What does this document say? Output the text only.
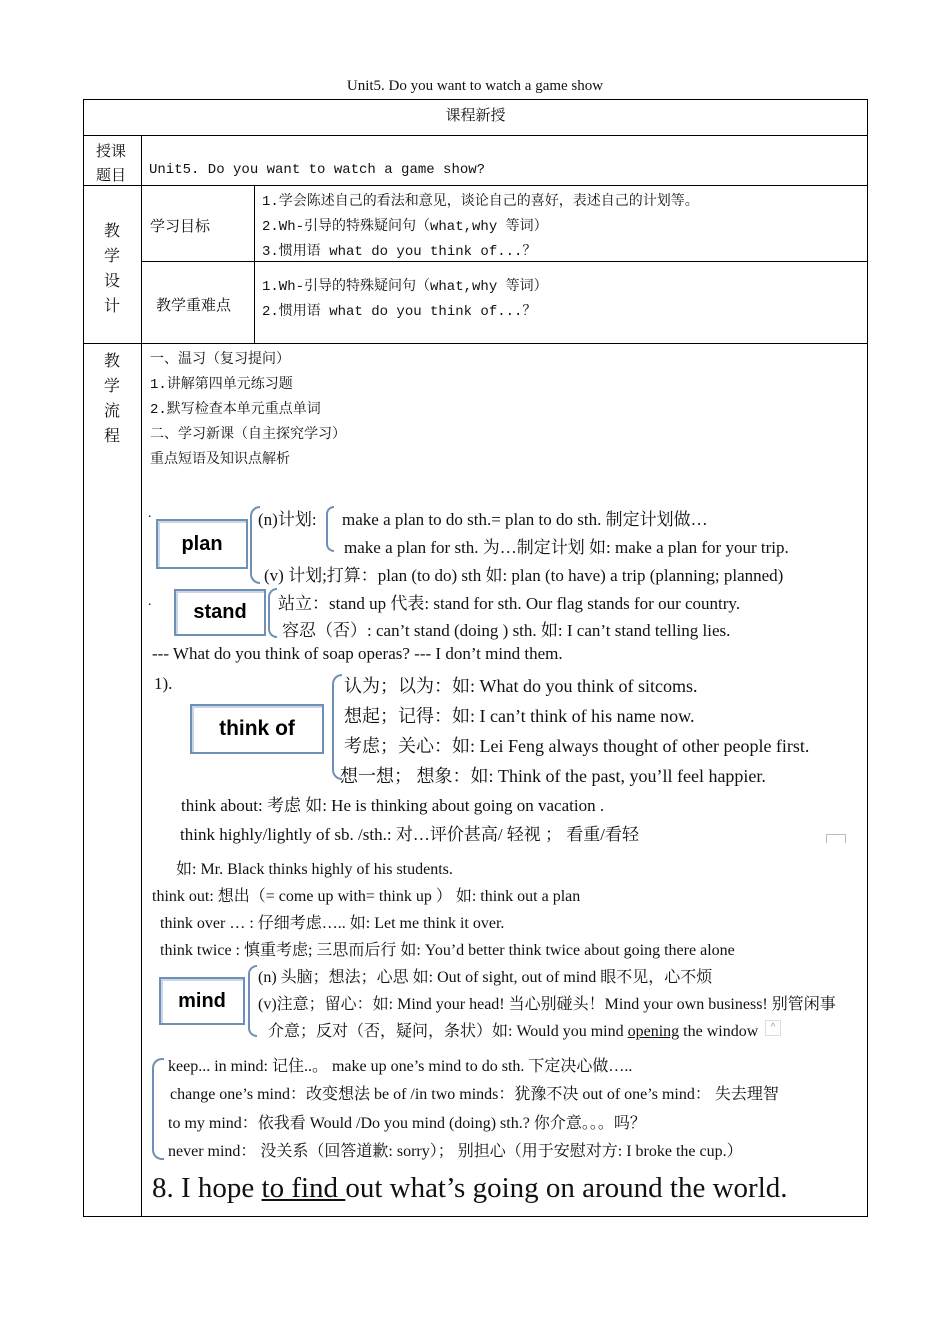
Unit5. Do you want to watch a game show
课程新授
授课
题目 Unit5. Do you want to watch a game show?
教
学
设
计
学习目标
1.学会陈述自己的看法和意见，谈论自己的喜好，表述自己的计划等。
2.Wh-引导的特殊疑问句（what,why 等词）
3.惯用语 what do you think of...？
教学重难点
1.Wh-引导的特殊疑问句（what,why 等词）
2.惯用语 what do you think of...？
教
学
流
程
一、温习（复习提问）
1.讲解第四单元练习题
2.默写检查本单元重点单词
二、学习新课（自主探究学习）
重点短语及知识点解析
.
plan
(n)计划: make a plan to do sth.= plan to do sth. 制定计划做…
make a plan for sth. 为…制定计划 如: make a plan for your trip.
(v) 计划;打算：plan (to do) sth 如: plan (to have) a trip (planning; planned)
. stand 站立：stand up 代表: stand for sth. Our flag stands for our country.
容忍（否）: can’t stand (doing ) sth. 如: I can’t stand telling lies.
--- What do you think of soap operas? --- I don’t mind them.
1).
think of
认为；以为：如: What do you think of sitcoms.
想起；记得：如: I can’t think of his name now.
考虑；关心：如: Lei Feng always thought of other people first.
想一想； 想象：如: Think of the past, you’ll feel happier.
think about: 考虑 如: He is thinking about going on vacation .
think highly/lightly of sb. /sth.: 对…评价甚高/ 轻视 ； 看重/看轻
如: Mr. Black thinks highly of his students.
think out: 想出（= come up with= think up ） 如: think out a plan
think over … : 仔细考虑….. 如: Let me think it over.
think twice : 慎重考虑; 三思而后行 如: You’d better think twice about going there alone
mind
(n) 头脑；想法；心思 如: Out of sight, out of mind 眼不见，心不烦
(v)注意；留心：如: Mind your head! 当心别碰头！Mind your own business! 别管闲事
介意；反对（否，疑问，条状）如: Would you mind opening the window	^
keep... in mind: 记住..。 make up one’s mind to do sth. 下定决心做…..
change one’s mind：改变想法 be of /in two minds：犹豫不决 out of one’s mind： 失去理智
to my mind：依我看 Would /Do you mind (doing) sth.? 你介意。。。吗？
never mind： 没关系（回答道歉: sorry）； 别担心（用于安慰对方: I broke the cup.）
8. I hope to find out what’s going on around the world.
